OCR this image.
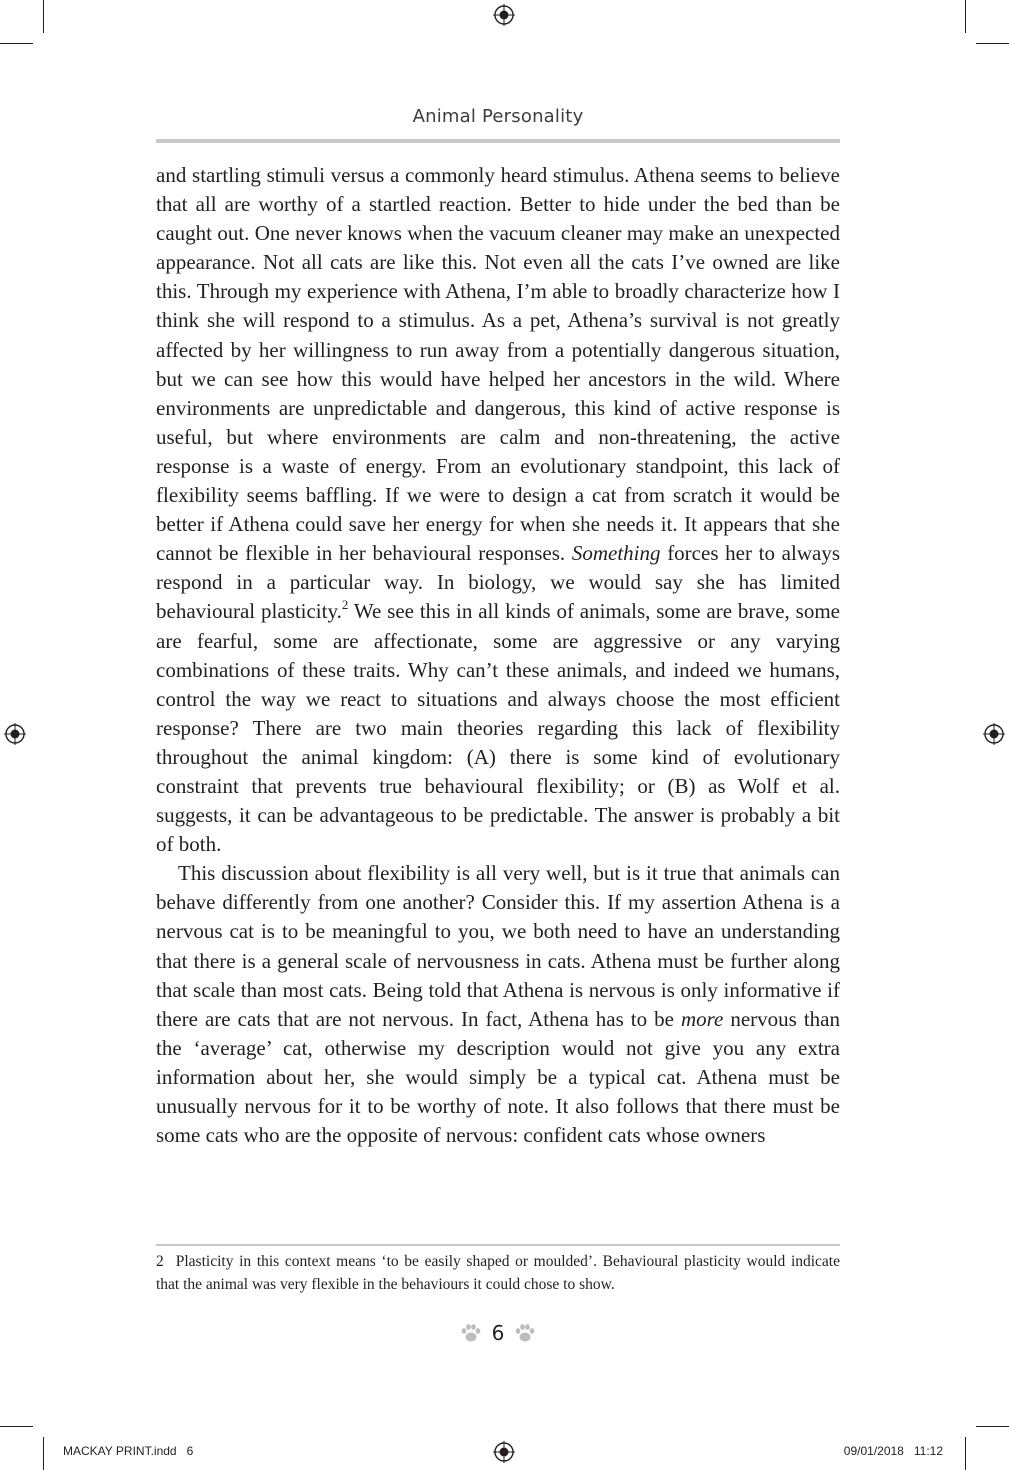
Animal Personality

and startling stimuli versus a commonly heard stimulus. Athena seems to believe that all are worthy of a startled reaction. Better to hide under the bed than be caught out. One never knows when the vacuum cleaner may make an unexpected appearance. Not all cats are like this. Not even all the cats I’ve owned are like this. Through my experience with Athena, I’m able to broadly characterize how I think she will respond to a stimulus. As a pet, Athena’s survival is not greatly affected by her willingness to run away from a potentially dangerous situation, but we can see how this would have helped her ancestors in the wild. Where environments are unpredictable and dangerous, this kind of active response is useful, but where environments are calm and non-threatening, the active response is a waste of energy. From an evolutionary standpoint, this lack of flexibility seems baffling. If we were to design a cat from scratch it would be better if Athena could save her energy for when she needs it. It appears that she cannot be flexible in her behavioural responses. Something forces her to always respond in a particular way. In biology, we would say she has limited behavioural plasticity.$^2$ We see this in all kinds of animals, some are brave, some are fearful, some are affectionate, some are aggressive or any varying combinations of these traits. Why can’t these animals, and indeed we humans, control the way we react to situations and always choose the most efficient response? There are two main theories regarding this lack of flexibility throughout the animal kingdom: (A) there is some kind of evolutionary constraint that prevents true behavioural flexibility; or (B) as Wolf et al. suggests, it can be advantageous to be predictable. The answer is probably a bit of both.

This discussion about flexibility is all very well, but is it true that animals can behave differently from one another? Consider this. If my assertion Athena is a nervous cat is to be meaningful to you, we both need to have an understanding that there is a general scale of nervousness in cats. Athena must be further along that scale than most cats. Being told that Athena is nervous is only informative if there are cats that are not nervous. In fact, Athena has to be more nervous than the ‘average’ cat, otherwise my description would not give you any extra information about her, she would simply be a typical cat. Athena must be unusually nervous for it to be worthy of note. It also follows that there must be some cats who are the opposite of nervous: confident cats whose owners

2 Plasticity in this context means ‘to be easily shaped or moulded’. Behavioural plasticity would indicate that the animal was very flexible in the behaviours it could chose to show.
6
MACKAY PRINT.indd   6	09/01/2018   11:12
